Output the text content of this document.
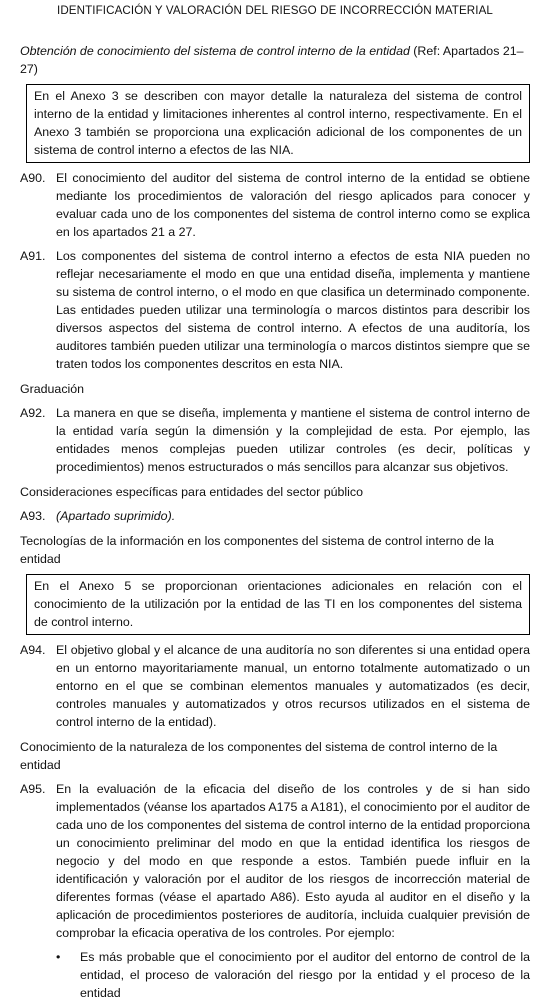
IDENTIFICACIÓN Y VALORACIÓN DEL RIESGO DE INCORRECCIÓN MATERIAL
Obtención de conocimiento del sistema de control interno de la entidad (Ref: Apartados 21–27)
En el Anexo 3 se describen con mayor detalle la naturaleza del sistema de control interno de la entidad y limitaciones inherentes al control interno, respectivamente. En el Anexo 3 también se proporciona una explicación adicional de los componentes de un sistema de control interno a efectos de las NIA.
A90. El conocimiento del auditor del sistema de control interno de la entidad se obtiene mediante los procedimientos de valoración del riesgo aplicados para conocer y evaluar cada uno de los componentes del sistema de control interno como se explica en los apartados 21 a 27.
A91. Los componentes del sistema de control interno a efectos de esta NIA pueden no reflejar necesariamente el modo en que una entidad diseña, implementa y mantiene su sistema de control interno, o el modo en que clasifica un determinado componente. Las entidades pueden utilizar una terminología o marcos distintos para describir los diversos aspectos del sistema de control interno. A efectos de una auditoría, los auditores también pueden utilizar una terminología o marcos distintos siempre que se traten todos los componentes descritos en esta NIA.
Graduación
A92. La manera en que se diseña, implementa y mantiene el sistema de control interno de la entidad varía según la dimensión y la complejidad de esta. Por ejemplo, las entidades menos complejas pueden utilizar controles (es decir, políticas y procedimientos) menos estructurados o más sencillos para alcanzar sus objetivos.
Consideraciones específicas para entidades del sector público
A93. (Apartado suprimido).
Tecnologías de la información en los componentes del sistema de control interno de la entidad
En el Anexo 5 se proporcionan orientaciones adicionales en relación con el conocimiento de la utilización por la entidad de las TI en los componentes del sistema de control interno.
A94. El objetivo global y el alcance de una auditoría no son diferentes si una entidad opera en un entorno mayoritariamente manual, un entorno totalmente automatizado o un entorno en el que se combinan elementos manuales y automatizados (es decir, controles manuales y automatizados y otros recursos utilizados en el sistema de control interno de la entidad).
Conocimiento de la naturaleza de los componentes del sistema de control interno de la entidad
A95. En la evaluación de la eficacia del diseño de los controles y de si han sido implementados (véanse los apartados A175 a A181), el conocimiento por el auditor de cada uno de los componentes del sistema de control interno de la entidad proporciona un conocimiento preliminar del modo en que la entidad identifica los riesgos de negocio y del modo en que responde a estos. También puede influir en la identificación y valoración por el auditor de los riesgos de incorrección material de diferentes formas (véase el apartado A86). Esto ayuda al auditor en el diseño y la aplicación de procedimientos posteriores de auditoría, incluida cualquier previsión de comprobar la eficacia operativa de los controles. Por ejemplo:
•	Es más probable que el conocimiento por el auditor del entorno de control de la entidad, el proceso de valoración del riesgo por la entidad y el proceso de la entidad
